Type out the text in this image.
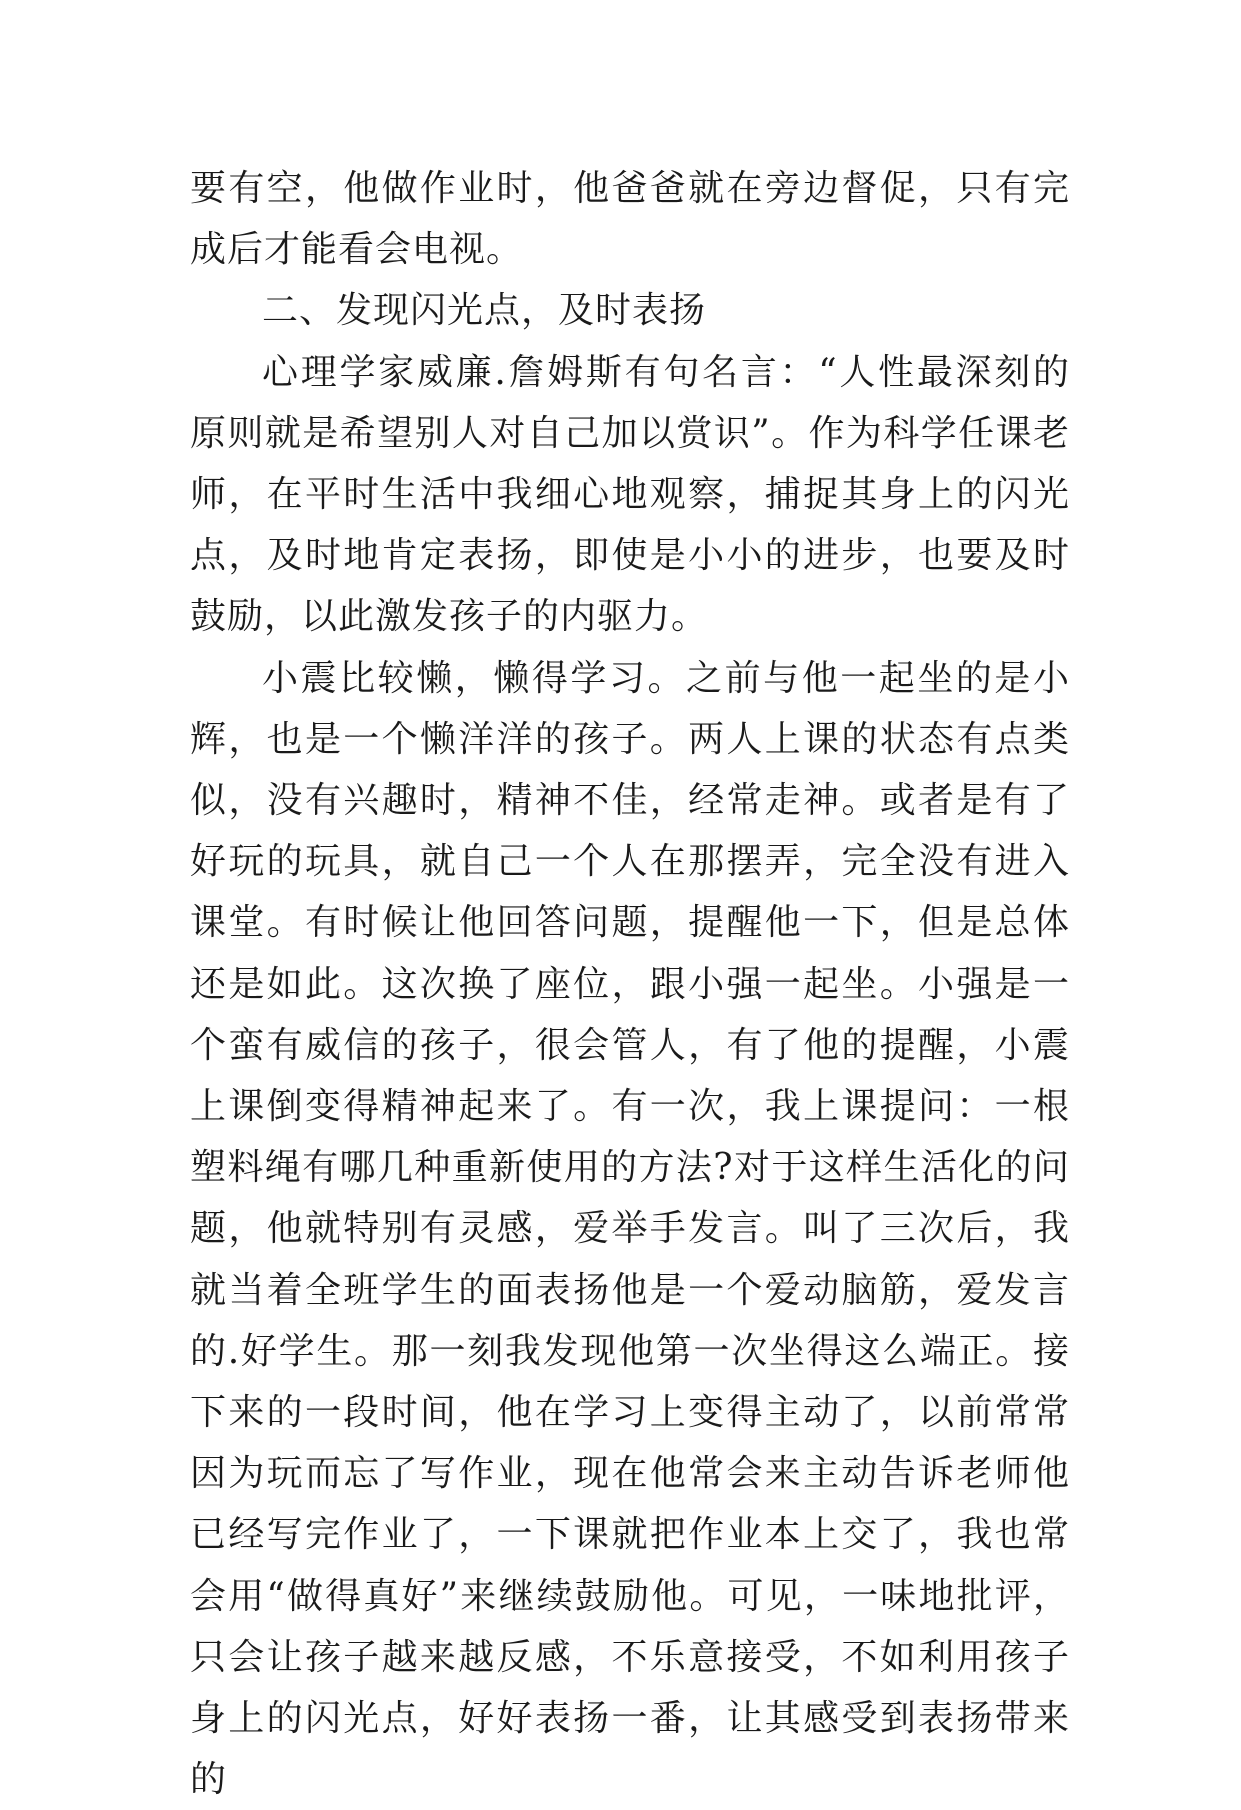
要有空，他做作业时，他爸爸就在旁边督促，只有完成后才能看会电视。

二、发现闪光点，及时表扬

心理学家威廉.詹姆斯有句名言：“人性最深刻的原则就是希望别人对自己加以赏识”。作为科学任课老师，在平时生活中我细心地观察，捕捉其身上的闪光点，及时地肯定表扬，即使是小小的进步，也要及时鼓励，以此激发孩子的内驱力。

小震比较懒，懒得学习。之前与他一起坐的是小辉，也是一个懒洋洋的孩子。两人上课的状态有点类似，没有兴趣时，精神不佳，经常走神。或者是有了好玩的玩具，就自己一个人在那摆弄，完全没有进入课堂。有时候让他回答问题，提醒他一下，但是总体还是如此。这次换了座位，跟小强一起坐。小强是一个蛮有威信的孩子，很会管人，有了他的提醒，小震上课倒变得精神起来了。有一次，我上课提问：一根塑料绳有哪几种重新使用的方法?对于这样生活化的问题，他就特别有灵感，爱举手发言。叫了三次后，我就当着全班学生的面表扬他是一个爱动脑筋，爱发言的.好学生。那一刻我发现他第一次坐得这么端正。接下来的一段时间，他在学习上变得主动了，以前常常因为玩而忘了写作业，现在他常会来主动告诉老师他已经写完作业了，一下课就把作业本上交了，我也常会用“做得真好”来继续鼓励他。可见，一味地批评，只会让孩子越来越反感，不乐意接受，不如利用孩子身上的闪光点，好好表扬一番，让其感受到表扬带来的
